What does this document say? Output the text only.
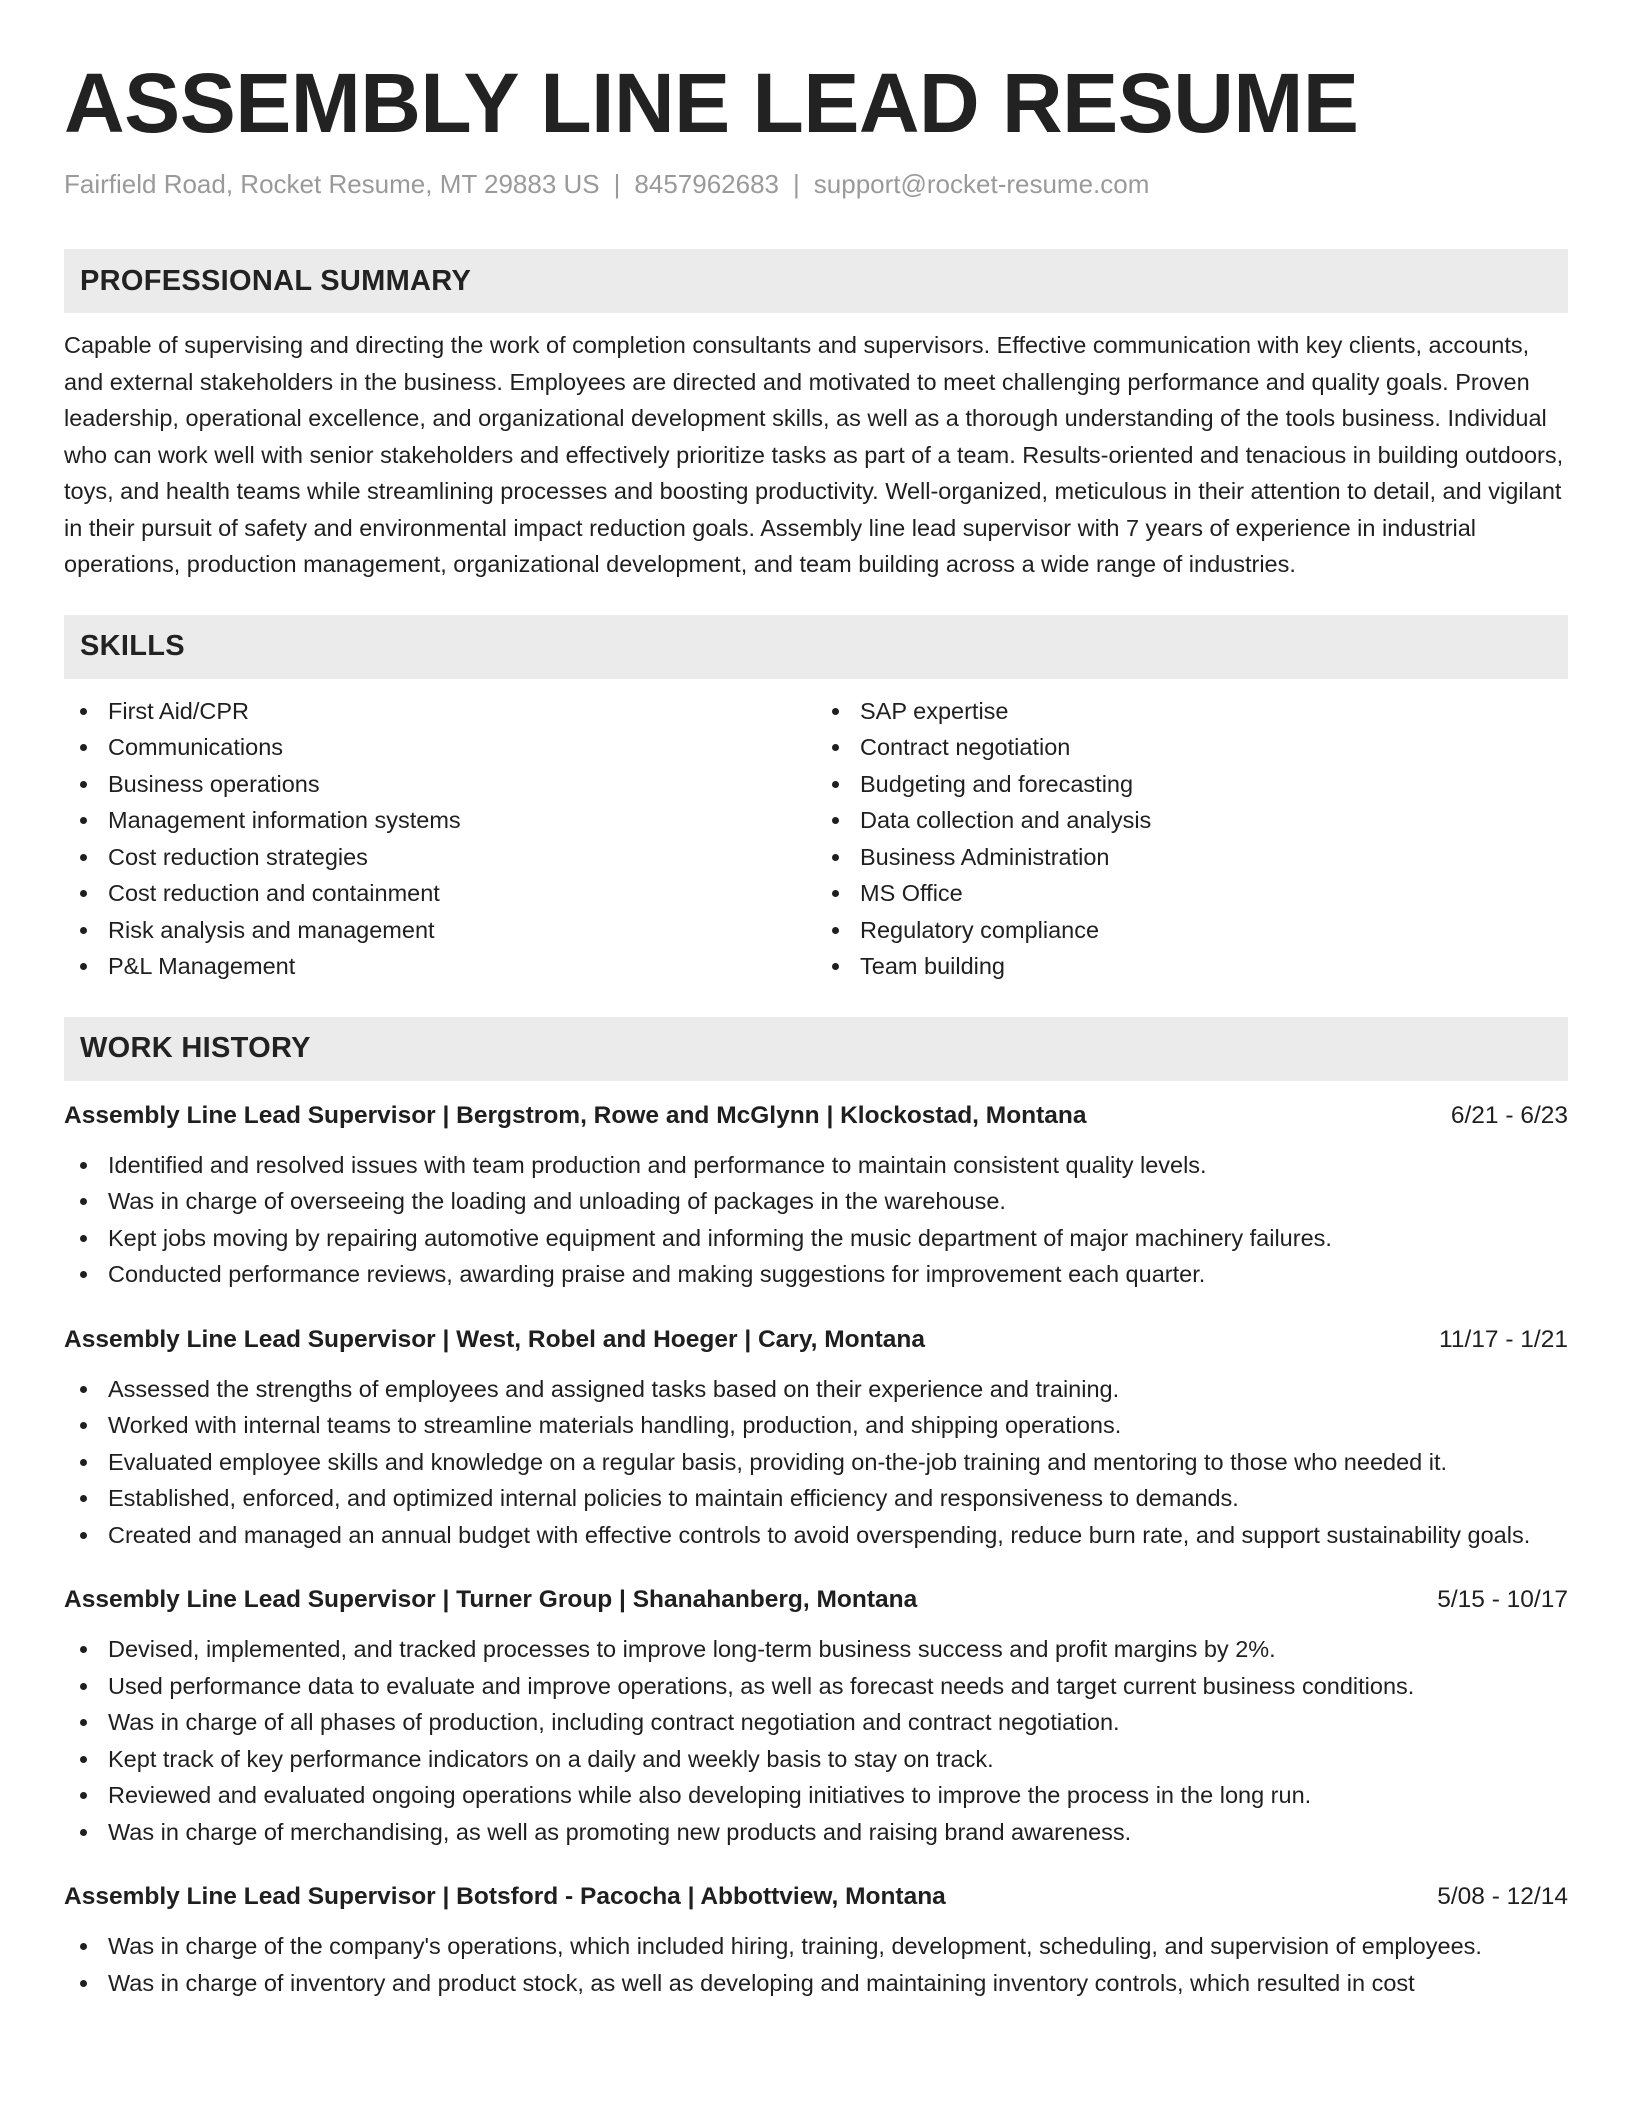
ASSEMBLY LINE LEAD RESUME
Fairfield Road, Rocket Resume, MT 29883 US | 8457962683 | support@rocket-resume.com
PROFESSIONAL SUMMARY

Capable of supervising and directing the work of completion consultants and supervisors. Effective communication with key clients, accounts, and external stakeholders in the business. Employees are directed and motivated to meet challenging performance and quality goals. Proven leadership, operational excellence, and organizational development skills, as well as a thorough understanding of the tools business. Individual who can work well with senior stakeholders and effectively prioritize tasks as part of a team. Results-oriented and tenacious in building outdoors, toys, and health teams while streamlining processes and boosting productivity. Well-organized, meticulous in their attention to detail, and vigilant in their pursuit of safety and environmental impact reduction goals. Assembly line lead supervisor with 7 years of experience in industrial operations, production management, organizational development, and team building across a wide range of industries.

SKILLS
First Aid/CPR
Communications
Business operations
Management information systems
Cost reduction strategies
Cost reduction and containment
Risk analysis and management
P&L Management
SAP expertise
Contract negotiation
Budgeting and forecasting
Data collection and analysis
Business Administration
MS Office
Regulatory compliance
Team building
WORK HISTORY
Assembly Line Lead Supervisor | Bergstrom, Rowe and McGlynn | Klockostad, Montana	6/21 - 6/23
Identified and resolved issues with team production and performance to maintain consistent quality levels.
Was in charge of overseeing the loading and unloading of packages in the warehouse.
Kept jobs moving by repairing automotive equipment and informing the music department of major machinery failures.
Conducted performance reviews, awarding praise and making suggestions for improvement each quarter.
Assembly Line Lead Supervisor | West, Robel and Hoeger | Cary, Montana	11/17 - 1/21
Assessed the strengths of employees and assigned tasks based on their experience and training.
Worked with internal teams to streamline materials handling, production, and shipping operations.
Evaluated employee skills and knowledge on a regular basis, providing on-the-job training and mentoring to those who needed it.
Established, enforced, and optimized internal policies to maintain efficiency and responsiveness to demands.
Created and managed an annual budget with effective controls to avoid overspending, reduce burn rate, and support sustainability goals.
Assembly Line Lead Supervisor | Turner Group | Shanahanberg, Montana	5/15 - 10/17
Devised, implemented, and tracked processes to improve long-term business success and profit margins by 2%.
Used performance data to evaluate and improve operations, as well as forecast needs and target current business conditions.
Was in charge of all phases of production, including contract negotiation and contract negotiation.
Kept track of key performance indicators on a daily and weekly basis to stay on track.
Reviewed and evaluated ongoing operations while also developing initiatives to improve the process in the long run.
Was in charge of merchandising, as well as promoting new products and raising brand awareness.
Assembly Line Lead Supervisor | Botsford - Pacocha | Abbottview, Montana	5/08 - 12/14
Was in charge of the company's operations, which included hiring, training, development, scheduling, and supervision of employees.
Was in charge of inventory and product stock, as well as developing and maintaining inventory controls, which resulted in cost
